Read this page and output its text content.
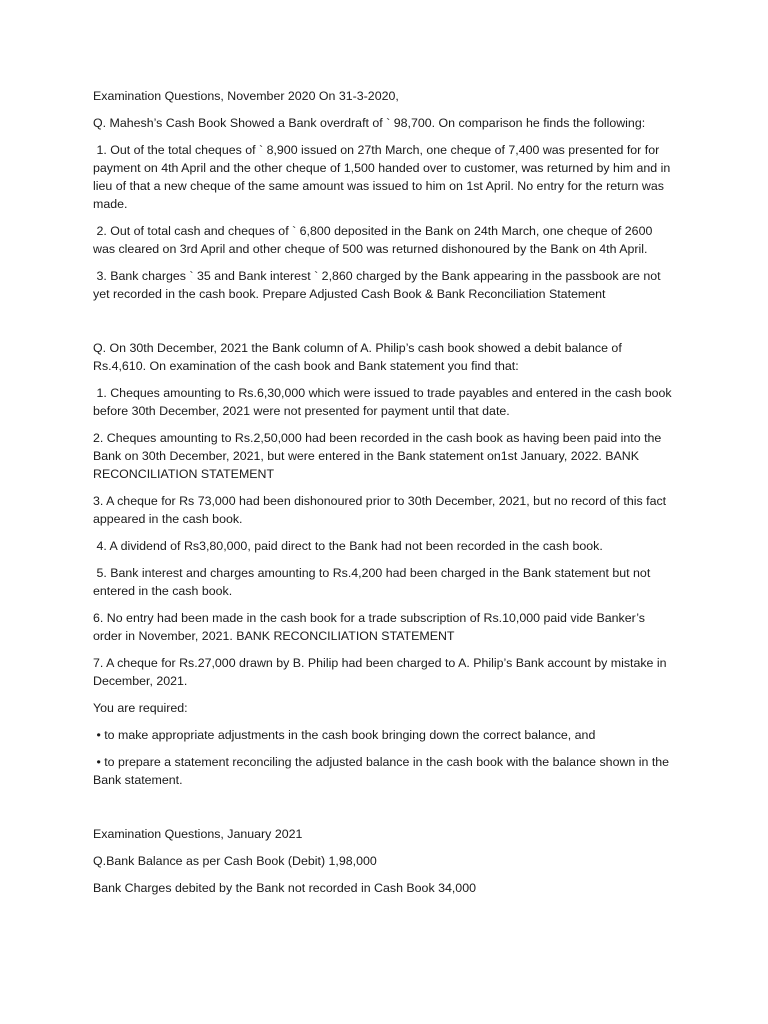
Examination Questions, November 2020 On 31-3-2020,

Q. Mahesh’s Cash Book Showed a Bank overdraft of ` 98,700. On comparison he finds the following:

1. Out of the total cheques of ` 8,900 issued on 27th March, one cheque of 7,400 was presented for for payment on 4th April and the other cheque of 1,500 handed over to customer, was returned by him and in lieu of that a new cheque of the same amount was issued to him on 1st April. No entry for the return was made.

2. Out of total cash and cheques of ` 6,800 deposited in the Bank on 24th March, one cheque of 2600 was cleared on 3rd April and other cheque of 500 was returned dishonoured by the Bank on 4th April.

3. Bank charges ` 35 and Bank interest ` 2,860 charged by the Bank appearing in the passbook are not yet recorded in the cash book. Prepare Adjusted Cash Book & Bank Reconciliation Statement

Q. On 30th December, 2021 the Bank column of A. Philip’s cash book showed a debit balance of Rs.4,610. On examination of the cash book and Bank statement you find that:

1. Cheques amounting to Rs.6,30,000 which were issued to trade payables and entered in the cash book before 30th December, 2021 were not presented for payment until that date.

2. Cheques amounting to Rs.2,50,000 had been recorded in the cash book as having been paid into the Bank on 30th December, 2021, but were entered in the Bank statement on1st January, 2022. BANK RECONCILIATION STATEMENT

3. A cheque for Rs 73,000 had been dishonoured prior to 30th December, 2021, but no record of this fact appeared in the cash book.

4. A dividend of Rs3,80,000, paid direct to the Bank had not been recorded in the cash book.

5. Bank interest and charges amounting to Rs.4,200 had been charged in the Bank statement but not entered in the cash book.

6. No entry had been made in the cash book for a trade subscription of Rs.10,000 paid vide Banker’s order in November, 2021. BANK RECONCILIATION STATEMENT

7. A cheque for Rs.27,000 drawn by B. Philip had been charged to A. Philip’s Bank account by mistake in December, 2021.

You are required:

• to make appropriate adjustments in the cash book bringing down the correct balance, and

• to prepare a statement reconciling the adjusted balance in the cash book with the balance shown in the Bank statement.

Examination Questions, January 2021

Q.Bank Balance as per Cash Book (Debit) 1,98,000

Bank Charges debited by the Bank not recorded in Cash Book 34,000
